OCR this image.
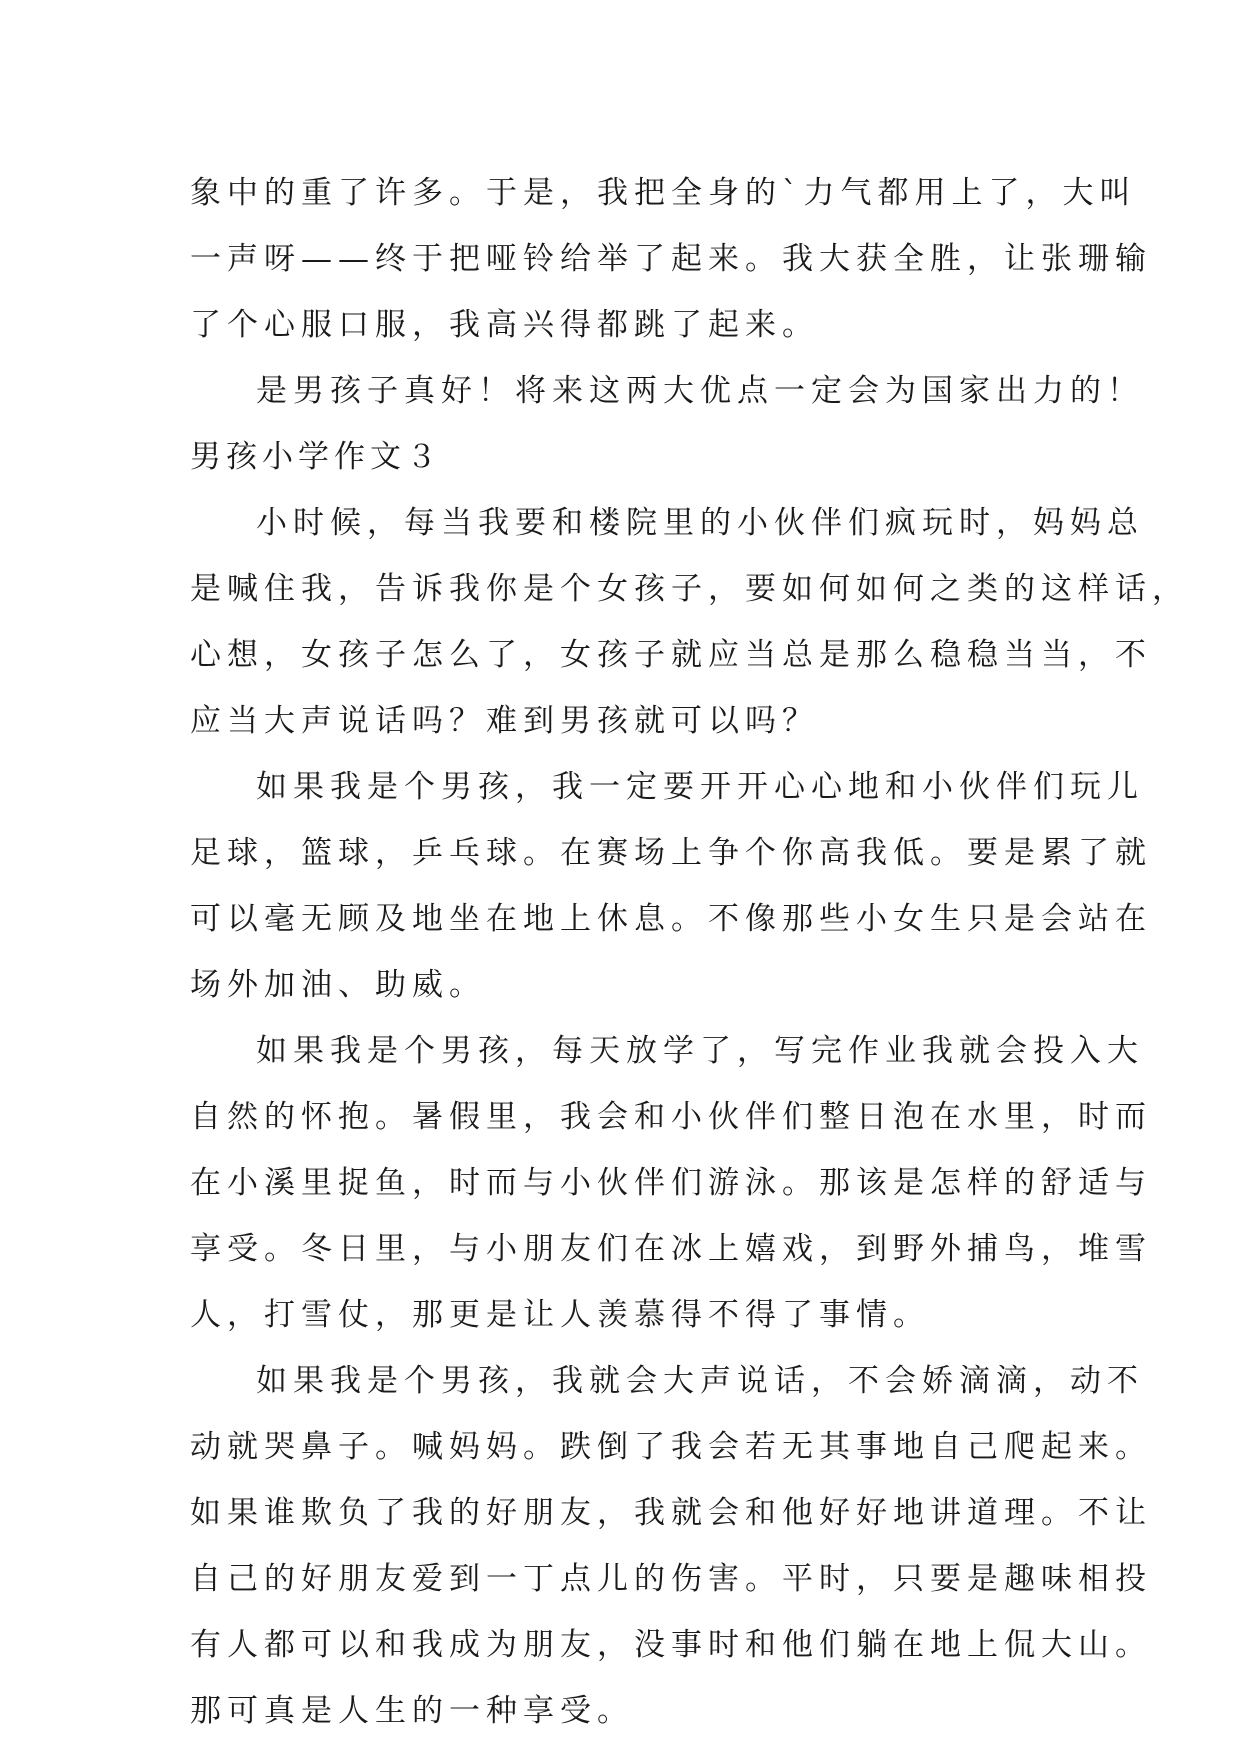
象中的重了许多。于是，我把全身的`力气都用上了，大叫
一声呀——终于把哑铃给举了起来。我大获全胜，让张珊输
了个心服口服，我高兴得都跳了起来。
是男孩子真好！将来这两大优点一定会为国家出力的！
男孩小学作文３
小时候，每当我要和楼院里的小伙伴们疯玩时，妈妈总
是喊住我，告诉我你是个女孩子，要如何如何之类的这样话，
心想，女孩子怎么了，女孩子就应当总是那么稳稳当当，不
应当大声说话吗？难到男孩就可以吗？
如果我是个男孩，我一定要开开心心地和小伙伴们玩儿
足球，篮球，乒乓球。在赛场上争个你高我低。要是累了就
可以毫无顾及地坐在地上休息。不像那些小女生只是会站在
场外加油、助威。
如果我是个男孩，每天放学了，写完作业我就会投入大
自然的怀抱。暑假里，我会和小伙伴们整日泡在水里，时而
在小溪里捉鱼，时而与小伙伴们游泳。那该是怎样的舒适与
享受。冬日里，与小朋友们在冰上嬉戏，到野外捕鸟，堆雪
人，打雪仗，那更是让人羡慕得不得了事情。
如果我是个男孩，我就会大声说话，不会娇滴滴，动不
动就哭鼻子。喊妈妈。跌倒了我会若无其事地自己爬起来。
如果谁欺负了我的好朋友，我就会和他好好地讲道理。不让
自己的好朋友爱到一丁点儿的伤害。平时，只要是趣味相投
有人都可以和我成为朋友，没事时和他们躺在地上侃大山。
那可真是人生的一种享受。
